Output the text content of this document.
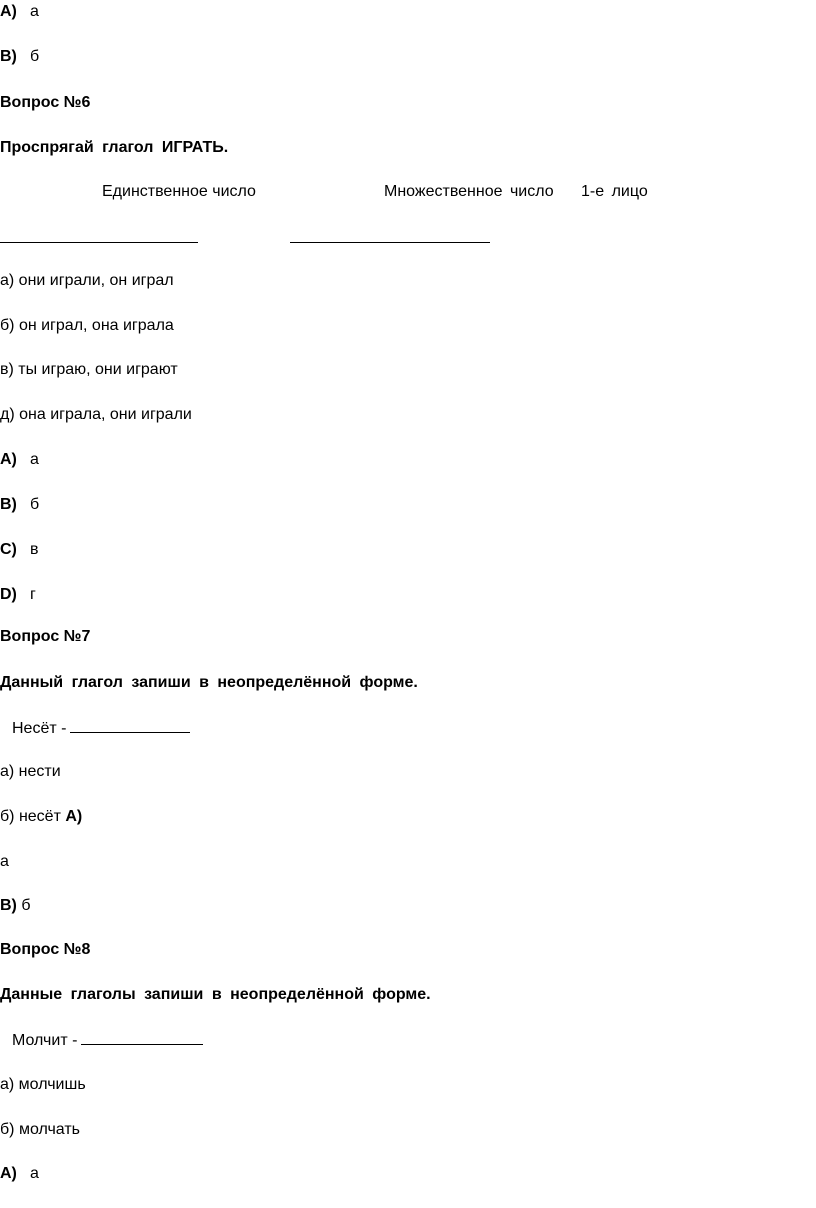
A) а
B) б
Вопрос №6
Проспрягай глагол ИГРАТЬ.
Единственное число	Множественное число 1-е лицо
а) они играли, он играл
б) он играл, она играла
в) ты играю, они играют
д) она играла, они играли
A) а
B) б
C) в
D) г
Вопрос №7
Данный глагол запиши в неопределённой форме.
Несёт -
а) нести
б) несёт A)
а
B) б
Вопрос №8
Данные глаголы запиши в неопределённой форме.
Молчит -
а) молчишь
б) молчать
A) а
